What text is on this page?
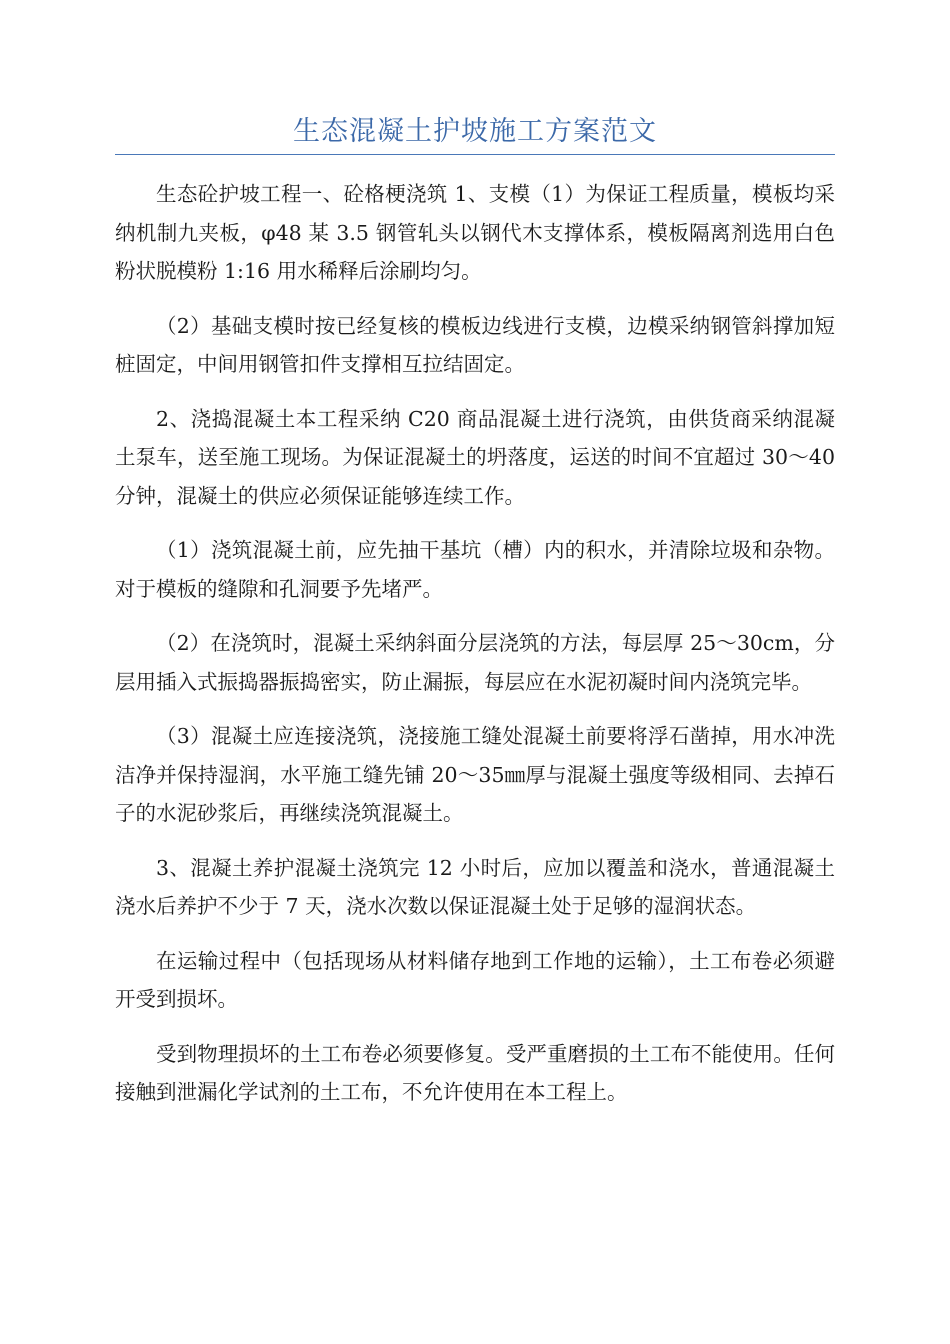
生态混凝土护坡施工方案范文

生态砼护坡工程一、砼格梗浇筑 1、支模（1）为保证工程质量，模板均采纳机制九夹板，φ48 某 3.5 钢管轧头以钢代木支撑体系，模板隔离剂选用白色粉状脱模粉 1:16 用水稀释后涂刷均匀。

（2）基础支模时按已经复核的模板边线进行支模，边模采纳钢管斜撑加短桩固定，中间用钢管扣件支撑相互拉结固定。

2、浇捣混凝土本工程采纳 C20 商品混凝土进行浇筑，由供货商采纳混凝土泵车，送至施工现场。为保证混凝土的坍落度，运送的时间不宜超过 30～40 分钟，混凝土的供应必须保证能够连续工作。

（1）浇筑混凝土前，应先抽干基坑（槽）内的积水，并清除垃圾和杂物。对于模板的缝隙和孔洞要予先堵严。

（2）在浇筑时，混凝土采纳斜面分层浇筑的方法，每层厚 25～30cm，分层用插入式振捣器振捣密实，防止漏振，每层应在水泥初凝时间内浇筑完毕。

（3）混凝土应连接浇筑，浇接施工缝处混凝土前要将浮石凿掉，用水冲洗洁净并保持湿润，水平施工缝先铺 20～35㎜厚与混凝土强度等级相同、去掉石子的水泥砂浆后，再继续浇筑混凝土。

3、混凝土养护混凝土浇筑完 12 小时后，应加以覆盖和浇水，普通混凝土浇水后养护不少于 7 天，浇水次数以保证混凝土处于足够的湿润状态。

在运输过程中（包括现场从材料储存地到工作地的运输），土工布卷必须避开受到损坏。

受到物理损坏的土工布卷必须要修复。受严重磨损的土工布不能使用。任何接触到泄漏化学试剂的土工布，不允许使用在本工程上。
